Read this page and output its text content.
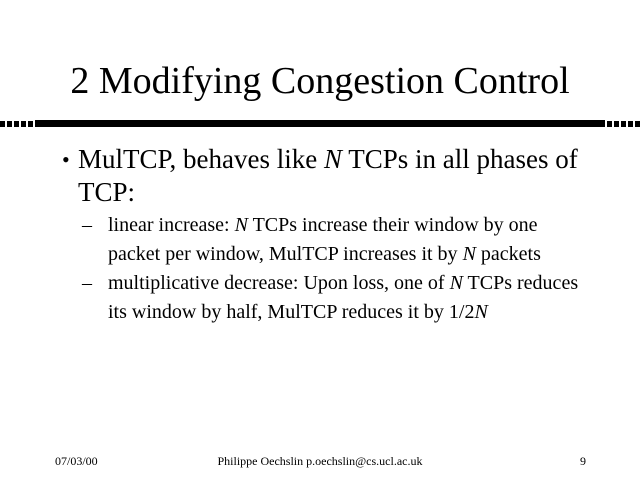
2 Modifying Congestion Control
• MulTCP, behaves like N TCPs in all phases of TCP:
– linear increase: N TCPs increase their window by one packet per window, MulTCP increases it by N packets
– multiplicative decrease: Upon loss, one of N TCPs reduces its window by half, MulTCP reduces it by 1/2N
07/03/00	Philippe Oechslin p.oechslin@cs.ucl.ac.uk	9
